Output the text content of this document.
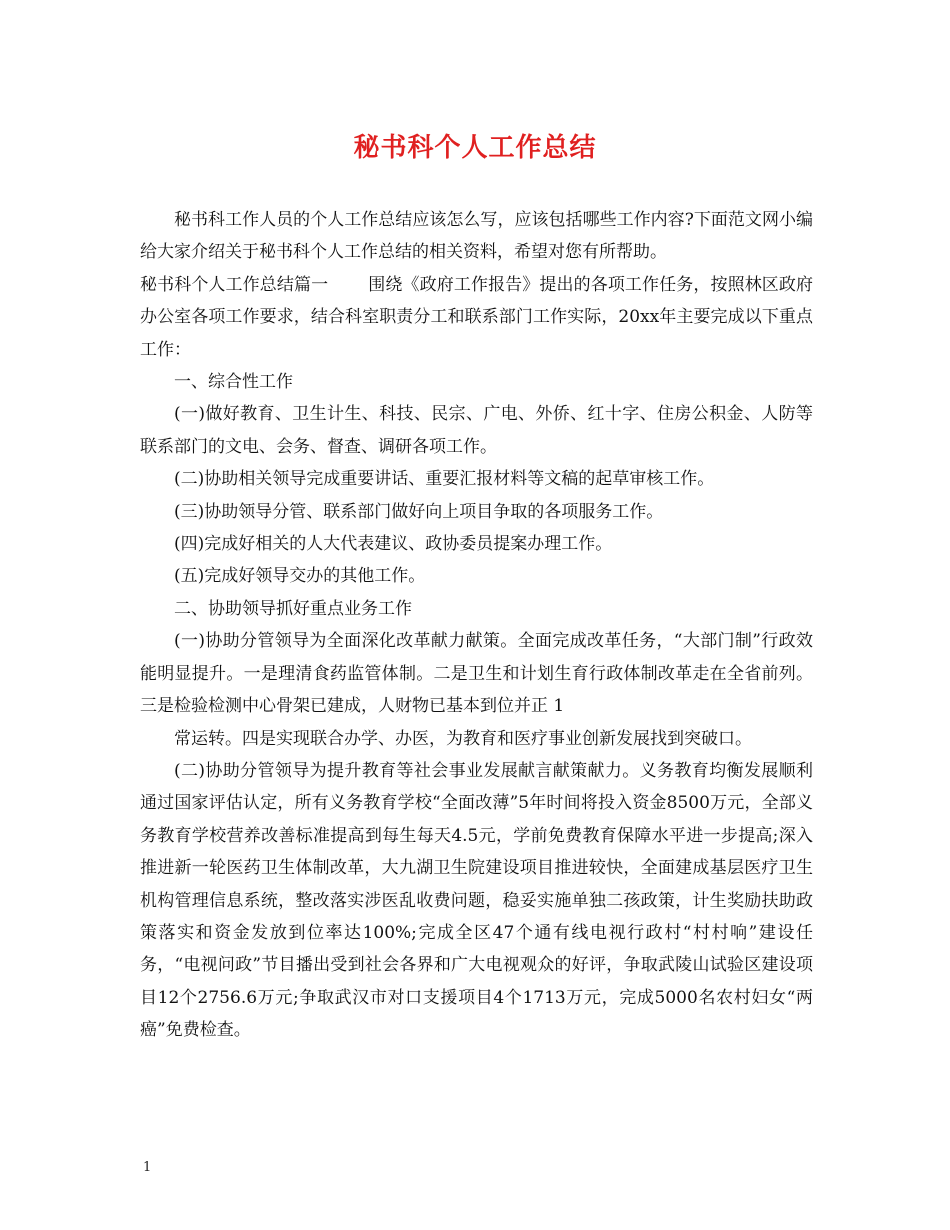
秘书科个人工作总结

秘书科工作人员的个人工作总结应该怎么写，应该包括哪些工作内容?下面范文网小编给大家介绍关于秘书科个人工作总结的相关资料，希望对您有所帮助。

秘书科个人工作总结篇一 围绕《政府工作报告》提出的各项工作任务，按照林区政府办公室各项工作要求，结合科室职责分工和联系部门工作实际，20xx年主要完成以下重点工作：

一、综合性工作

(一)做好教育、卫生计生、科技、民宗、广电、外侨、红十字、住房公积金、人防等联系部门的文电、会务、督查、调研各项工作。

(二)协助相关领导完成重要讲话、重要汇报材料等文稿的起草审核工作。

(三)协助领导分管、联系部门做好向上项目争取的各项服务工作。

(四)完成好相关的人大代表建议、政协委员提案办理工作。

(五)完成好领导交办的其他工作。

二、协助领导抓好重点业务工作

(一)协助分管领导为全面深化改革献力献策。全面完成改革任务，“大部门制”行政效能明显提升。一是理清食药监管体制。二是卫生和计划生育行政体制改革走在全省前列。三是检验检测中心骨架已建成，人财物已基本到位并正 1

常运转。四是实现联合办学、办医，为教育和医疗事业创新发展找到突破口。

(二)协助分管领导为提升教育等社会事业发展献言献策献力。义务教育均衡发展顺利通过国家评估认定，所有义务教育学校“全面改薄”5年时间将投入资金8500万元，全部义务教育学校营养改善标准提高到每生每天4.5元，学前免费教育保障水平进一步提高;深入推进新一轮医药卫生体制改革，大九湖卫生院建设项目推进较快，全面建成基层医疗卫生机构管理信息系统，整改落实涉医乱收费问题，稳妥实施单独二孩政策，计生奖励扶助政策落实和资金发放到位率达100%;完成全区47个通有线电视行政村“村村响”建设任务，“电视问政”节目播出受到社会各界和广大电视观众的好评，争取武陵山试验区建设项目12个2756.6万元;争取武汉市对口支援项目4个1713万元，完成5000名农村妇女“两癌”免费检查。

1
